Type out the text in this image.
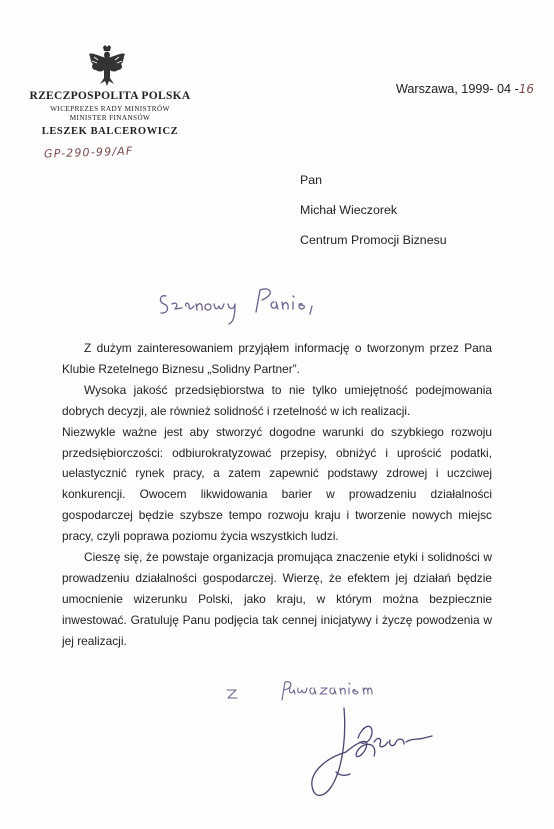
RZECZPOSPOLITA POLSKA
WICEPREZES RADY MINISTRÓW
MINISTER FINANSÓW
LESZEK BALCEROWICZ
GP-290-99/AF
Warszawa, 1999- 04 -16
Pan
Michał Wieczorek
Centrum Promocji Biznesu

Z dużym zainteresowaniem przyjąłem informację o tworzonym przez Pana Klubie Rzetelnego Biznesu „Solidny Partner”.

Wysoka jakość przedsiębiorstwa to nie tylko umiejętność podejmowania dobrych decyzji, ale również solidność i rzetelność w ich realizacji.

Niezwykle ważne jest aby stworzyć dogodne warunki do szybkiego rozwoju przedsiębiorczości: odbiurokratyzować przepisy, obniżyć i uprościć podatki, uelastycznić rynek pracy, a zatem zapewnić podstawy zdrowej i uczciwej konkurencji. Owocem likwidowania barier w prowadzeniu działalności gospodarczej będzie szybsze tempo rozwoju kraju i tworzenie nowych miejsc pracy, czyli poprawa poziomu życia wszystkich ludzi.

Cieszę się, że powstaje organizacja promująca znaczenie etyki i solidności w prowadzeniu działalności gospodarczej. Wierzę, że efektem jej działań będzie umocnienie wizerunku Polski, jako kraju, w którym można bezpiecznie inwestować. Gratuluję Panu podjęcia tak cennej inicjatywy i życzę powodzenia w jej realizacji.
